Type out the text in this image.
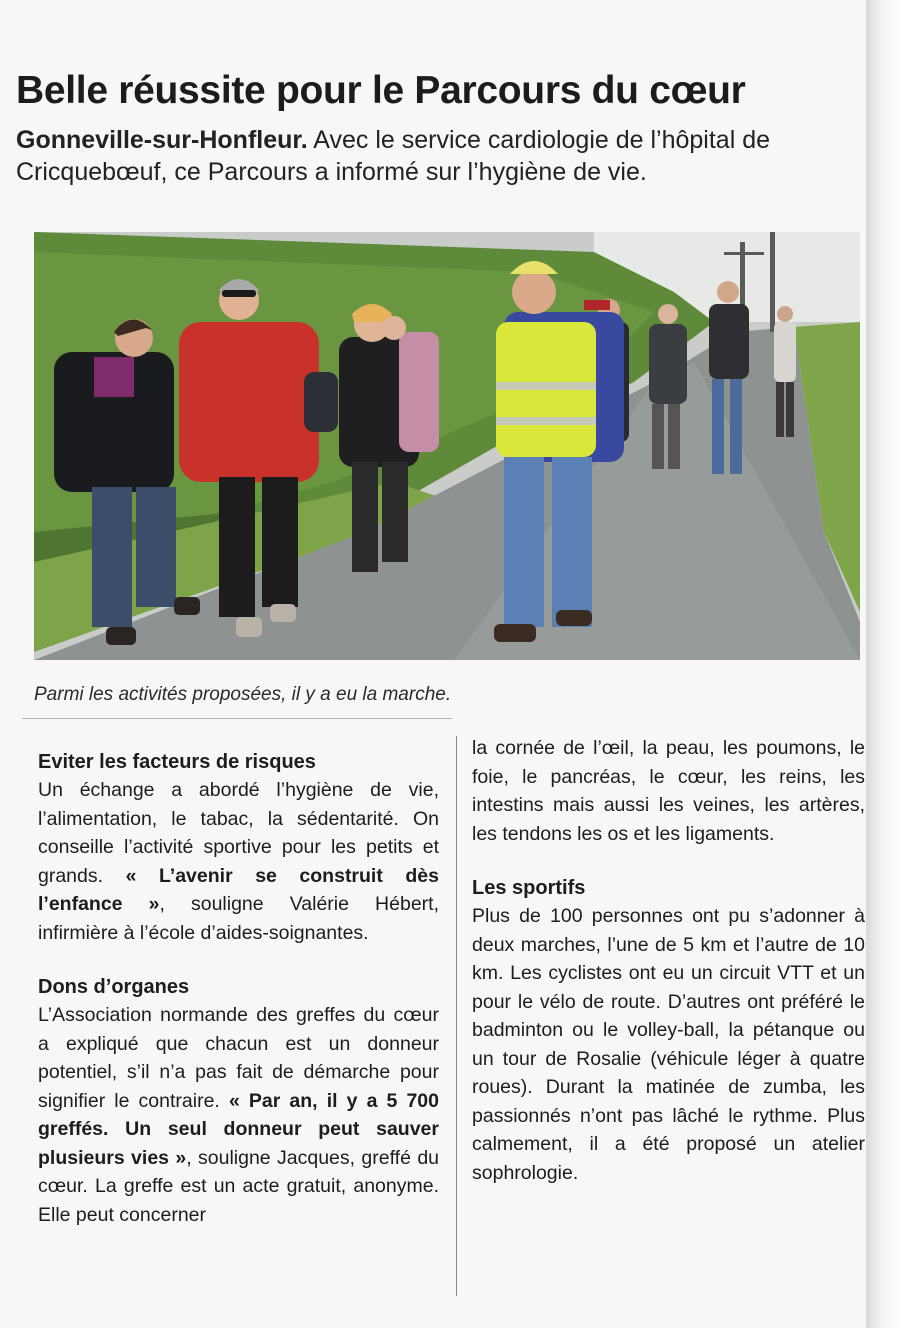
Belle réussite pour le Parcours du cœur

Gonneville-sur-Honfleur. Avec le service cardiologie de l’hôpital de Cricquebœuf, ce Parcours a informé sur l’hygiène de vie.

Parmi les activités proposées, il y a eu la marche.

Eviter les facteurs de risques

Un échange a abordé l’hygiène de vie, l’alimentation, le tabac, la sédentarité. On conseille l’activité sportive pour les petits et grands. « L’avenir se construit dès l’enfance », souligne Valérie Hébert, infirmière à l’école d’aides-soignantes.

Dons d’organes

L’Association normande des greffes du cœur a expliqué que chacun est un donneur potentiel, s’il n’a pas fait de démarche pour signifier le contraire. « Par an, il y a 5 700 greffés. Un seul donneur peut sauver plusieurs vies », souligne Jacques, greffé du cœur. La greffe est un acte gratuit, anonyme. Elle peut concerner

la cornée de l’œil, la peau, les poumons, le foie, le pancréas, le cœur, les reins, les intestins mais aussi les veines, les artères, les tendons les os et les ligaments.

Les sportifs

Plus de 100 personnes ont pu s’adonner à deux marches, l’une de 5 km et l’autre de 10 km. Les cyclistes ont eu un circuit VTT et un pour le vélo de route. D’autres ont préféré le badminton ou le volley-ball, la pétanque ou un tour de Rosalie (véhicule léger à quatre roues). Durant la matinée de zumba, les passionnés n’ont pas lâché le rythme. Plus calmement, il a été proposé un atelier sophrologie.
